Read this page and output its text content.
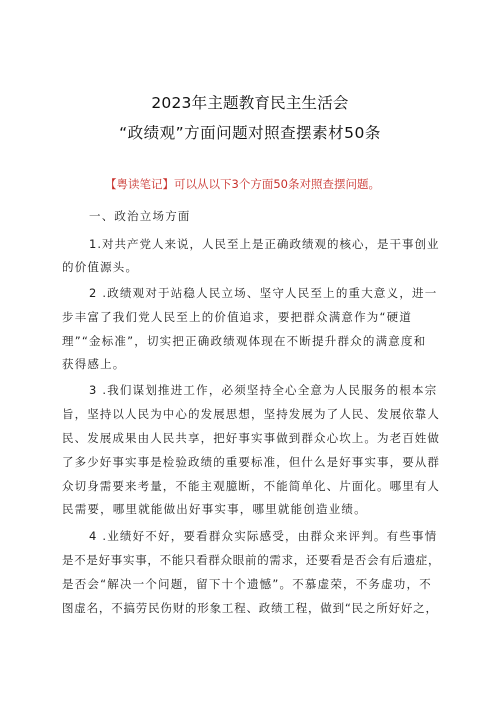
2023年主题教育民主生活会
“政绩观”方面问题对照查摆素材50条
【粤读笔记】可以从以下3个方面50条对照查摆问题。
一、政治立场方面
1.对共产党人来说，人民至上是正确政绩观的核心，是干事创业
的价值源头。
2 .政绩观对于站稳人民立场、坚守人民至上的重大意义，进一
步丰富了我们党人民至上的价值追求，要把群众满意作为“硬道
理”“金标准”，切实把正确政绩观体现在不断提升群众的满意度和
获得感上。
3 .我们谋划推进工作，必须坚持全心全意为人民服务的根本宗
旨，坚持以人民为中心的发展思想，坚持发展为了人民、发展依靠人
民、发展成果由人民共享，把好事实事做到群众心坎上。为老百姓做
了多少好事实事是检验政绩的重要标准，但什么是好事实事，要从群
众切身需要来考量，不能主观臆断，不能简单化、片面化。哪里有人
民需要，哪里就能做出好事实事，哪里就能创造业绩。
4 .业绩好不好，要看群众实际感受，由群众来评判。有些事情
是不是好事实事，不能只看群众眼前的需求，还要看是否会有后遗症，
是否会“解决一个问题，留下十个遗憾”。不慕虚荣，不务虚功，不
图虚名，不搞劳民伤财的形象工程、政绩工程，做到“民之所好好之，
